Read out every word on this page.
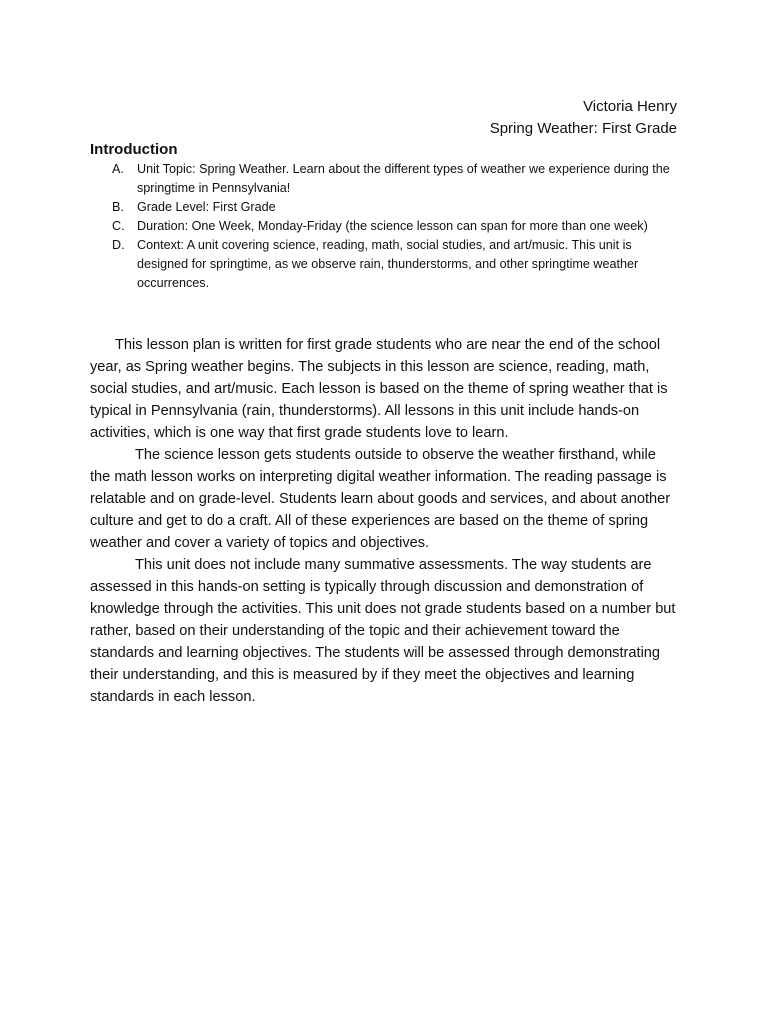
Victoria Henry
Spring Weather: First Grade
Introduction
A. Unit Topic: Spring Weather. Learn about the different types of weather we experience during the springtime in Pennsylvania!
B. Grade Level: First Grade
C. Duration: One Week, Monday-Friday (the science lesson can span for more than one week)
D. Context: A unit covering science, reading, math, social studies, and art/music. This unit is designed for springtime, as we observe rain, thunderstorms, and other springtime weather occurrences.

This lesson plan is written for first grade students who are near the end of the school year, as Spring weather begins. The subjects in this lesson are science, reading, math, social studies, and art/music. Each lesson is based on the theme of spring weather that is typical in Pennsylvania (rain, thunderstorms). All lessons in this unit include hands-on activities, which is one way that first grade students love to learn.

The science lesson gets students outside to observe the weather firsthand, while the math lesson works on interpreting digital weather information. The reading passage is relatable and on grade-level. Students learn about goods and services, and about another culture and get to do a craft. All of these experiences are based on the theme of spring weather and cover a variety of topics and objectives.

This unit does not include many summative assessments. The way students are assessed in this hands-on setting is typically through discussion and demonstration of knowledge through the activities. This unit does not grade students based on a number but rather, based on their understanding of the topic and their achievement toward the standards and learning objectives. The students will be assessed through demonstrating their understanding, and this is measured by if they meet the objectives and learning standards in each lesson.
